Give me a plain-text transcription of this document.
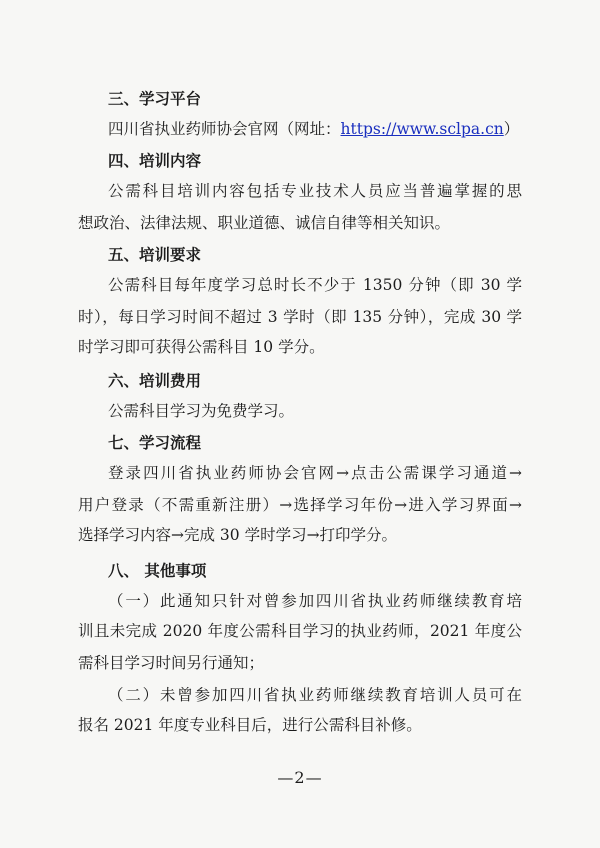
三、学习平台
四川省执业药师协会官网（网址：https://www.sclpa.cn）
四、培训内容
公需科目培训内容包括专业技术人员应当普遍掌握的思
想政治、法律法规、职业道德、诚信自律等相关知识。
五、培训要求
公需科目每年度学习总时长不少于 1350 分钟（即 30 学
时），每日学习时间不超过 3 学时（即 135 分钟），完成 30 学
时学习即可获得公需科目 10 学分。
六、培训费用
公需科目学习为免费学习。
七、学习流程
登录四川省执业药师协会官网→点击公需课学习通道→
用户登录（不需重新注册）→选择学习年份→进入学习界面→
选择学习内容→完成 30 学时学习→打印学分。
八、 其他事项
（一）此通知只针对曾参加四川省执业药师继续教育培
训且未完成 2020 年度公需科目学习的执业药师，2021 年度公
需科目学习时间另行通知；
（二）未曾参加四川省执业药师继续教育培训人员可在
报名 2021 年度专业科目后，进行公需科目补修。
—2—
